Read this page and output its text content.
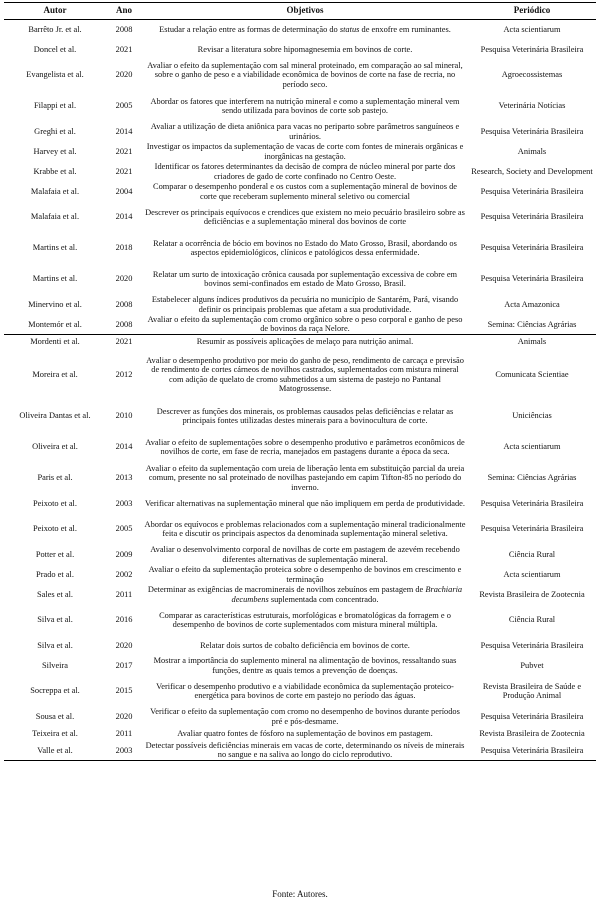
Autor	Ano	Objetivos	Periódico
Barrêto Jr. et al.	2008	Estudar a relação entre as formas de determinação do status de enxofre em ruminantes.	Acta scientiarum
Doncel et al.	2021	Revisar a literatura sobre hipomagnesemia em bovinos de corte.	Pesquisa Veterinária Brasileira
Evangelista et al.	2020	Avaliar o efeito da suplementação com sal mineral proteinado, em comparação ao sal mineral, sobre o ganho de peso e a viabilidade econômica de bovinos de corte na fase de recria, no período seco.	Agroecossistemas
Filappi et al.	2005	Abordar os fatores que interferem na nutrição mineral e como a suplementação mineral vem sendo utilizada para bovinos de corte sob pastejo.	Veterinária Notícias
Greghi et al.	2014	Avaliar a utilização de dieta aniônica para vacas no periparto sobre parâmetros sanguíneos e urinários.	Pesquisa Veterinária Brasileira
Harvey et al.	2021	Investigar os impactos da suplementação de vacas de corte com fontes de minerais orgânicas e inorgânicas na gestação.	Animals
Krabbe et al.	2021	Identificar os fatores determinantes da decisão de compra de núcleo mineral por parte dos criadores de gado de corte confinado no Centro Oeste.	Research, Society and Development
Malafaia et al.	2004	Comparar o desempenho ponderal e os custos com a suplementação mineral de bovinos de corte que receberam suplemento mineral seletivo ou comercial	Pesquisa Veterinária Brasileira
Malafaia et al.	2014	Descrever os principais equívocos e crendices que existem no meio pecuário brasileiro sobre as deficiências e a suplementação mineral dos bovinos de corte	Pesquisa Veterinária Brasileira
Martins et al.	2018	Relatar a ocorrência de bócio em bovinos no Estado do Mato Grosso, Brasil, abordando os aspectos epidemiológicos, clínicos e patológicos dessa enfermidade.	Pesquisa Veterinária Brasileira
Martins et al.	2020	Relatar um surto de intoxicação crônica causada por suplementação excessiva de cobre em bovinos semi-confinados em estado de Mato Grosso, Brasil.	Pesquisa Veterinária Brasileira
Minervino et al.	2008	Estabelecer alguns índices produtivos da pecuária no município de Santarém, Pará, visando definir os principais problemas que afetam a sua produtividade.	Acta Amazonica
Montemór et al.	2008	Avaliar o efeito da suplementação com cromo orgânico sobre o peso corporal e ganho de peso de bovinos da raça Nelore.	Semina: Ciências Agrárias
Mordenti et al.	2021	Resumir as possíveis aplicações de melaço para nutrição animal.	Animals
Moreira et al.	2012	Avaliar o desempenho produtivo por meio do ganho de peso, rendimento de carcaça e previsão de rendimento de cortes cárneos de novilhos castrados, suplementados com mistura mineral com adição de quelato de cromo submetidos a um sistema de pastejo no Pantanal Matogrossense.	Comunicata Scientiae
Oliveira Dantas et al.	2010	Descrever as funções dos minerais, os problemas causados pelas deficiências e relatar as principais fontes utilizadas destes minerais para a bovinocultura de corte.	Uniciências
Oliveira et al.	2014	Avaliar o efeito de suplementações sobre o desempenho produtivo e parâmetros econômicos de novilhos de corte, em fase de recria, manejados em pastagens durante a época da seca.	Acta scientiarum
Paris et al.	2013	Avaliar o efeito da suplementação com ureia de liberação lenta em substituição parcial da ureia comum, presente no sal proteinado de novilhas pastejando em capim Tifton-85 no período do inverno.	Semina: Ciências Agrárias
Peixoto et al.	2003	Verificar alternativas na suplementação mineral que não impliquem em perda de produtividade.	Pesquisa Veterinária Brasileira
Peixoto et al.	2005	Abordar os equívocos e problemas relacionados com a suplementação mineral tradicionalmente feita e discutir os principais aspectos da denominada suplementação mineral seletiva.	Pesquisa Veterinária Brasileira
Potter et al.	2009	Avaliar o desenvolvimento corporal de novilhas de corte em pastagem de azevém recebendo diferentes alternativas de suplementação mineral.	Ciência Rural
Prado et al.	2002	Avaliar o efeito da suplementação proteica sobre o desempenho de bovinos em crescimento e terminação	Acta scientiarum
Sales et al.	2011	Determinar as exigências de macrominerais de novilhos zebuínos em pastagem de Brachiaria decumbens suplementada com concentrado.	Revista Brasileira de Zootecnia
Silva et al.	2016	Comparar as características estruturais, morfológicas e bromatológicas da forragem e o desempenho de bovinos de corte suplementados com mistura mineral múltipla.	Ciência Rural
Silva et al.	2020	Relatar dois surtos de cobalto deficiência em bovinos de corte.	Pesquisa Veterinária Brasileira
Silveira	2017	Mostrar a importância do suplemento mineral na alimentação de bovinos, ressaltando suas funções, dentre as quais temos a prevenção de doenças.	Pubvet
Socreppa et al.	2015	Verificar o desempenho produtivo e a viabilidade econômica da suplementação proteico-energética para bovinos de corte em pastejo no período das águas.	Revista Brasileira de Saúde e Produção Animal
Sousa et al.	2020	Verificar o efeito da suplementação com cromo no desempenho de bovinos durante períodos pré e pós-desmame.	Pesquisa Veterinária Brasileira
Teixeira et al.	2011	Avaliar quatro fontes de fósforo na suplementação de bovinos em pastagem.	Revista Brasileira de Zootecnia
Valle et al.	2003	Detectar possíveis deficiências minerais em vacas de corte, determinando os níveis de minerais no sangue e na saliva ao longo do ciclo reprodutivo.	Pesquisa Veterinária Brasileira
Fonte: Autores.
